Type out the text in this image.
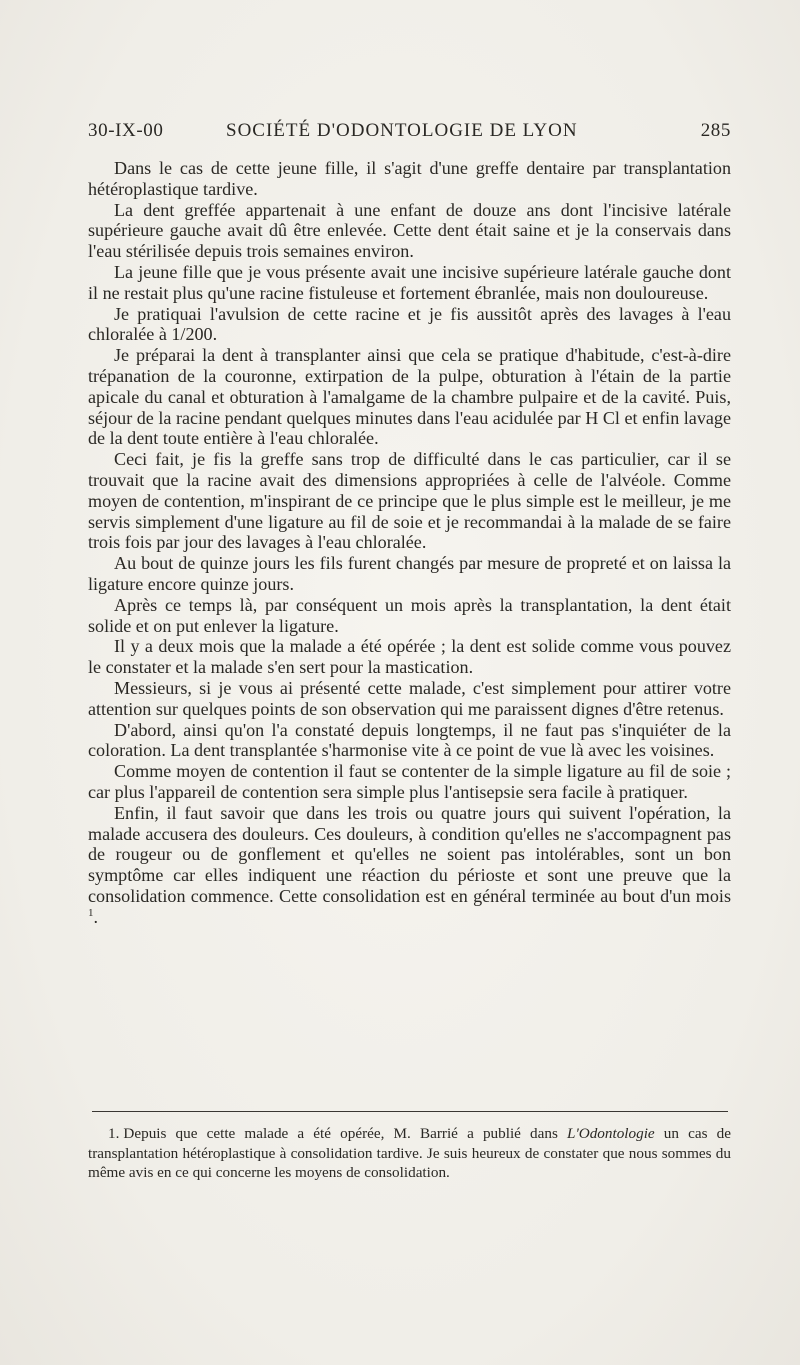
30-IX-00	SOCIÉTÉ D'ODONTOLOGIE DE LYON	285

Dans le cas de cette jeune fille, il s'agit d'une greffe dentaire par transplantation hétéroplastique tardive.

La dent greffée appartenait à une enfant de douze ans dont l'incisive latérale supérieure gauche avait dû être enlevée. Cette dent était saine et je la conservais dans l'eau stérilisée depuis trois semaines environ.

La jeune fille que je vous présente avait une incisive supérieure latérale gauche dont il ne restait plus qu'une racine fistuleuse et fortement ébranlée, mais non douloureuse.

Je pratiquai l'avulsion de cette racine et je fis aussitôt après des lavages à l'eau chloralée à 1/200.

Je préparai la dent à transplanter ainsi que cela se pratique d'habitude, c'est-à-dire trépanation de la couronne, extirpation de la pulpe, obturation à l'étain de la partie apicale du canal et obturation à l'amalgame de la chambre pulpaire et de la cavité. Puis, séjour de la racine pendant quelques minutes dans l'eau acidulée par H Cl et enfin lavage de la dent toute entière à l'eau chloralée.

Ceci fait, je fis la greffe sans trop de difficulté dans le cas particulier, car il se trouvait que la racine avait des dimensions appropriées à celle de l'alvéole. Comme moyen de contention, m'inspirant de ce principe que le plus simple est le meilleur, je me servis simplement d'une ligature au fil de soie et je recommandai à la malade de se faire trois fois par jour des lavages à l'eau chloralée.

Au bout de quinze jours les fils furent changés par mesure de propreté et on laissa la ligature encore quinze jours.

Après ce temps là, par conséquent un mois après la transplantation, la dent était solide et on put enlever la ligature.

Il y a deux mois que la malade a été opérée ; la dent est solide comme vous pouvez le constater et la malade s'en sert pour la mastication.

Messieurs, si je vous ai présenté cette malade, c'est simplement pour attirer votre attention sur quelques points de son observation qui me paraissent dignes d'être retenus.

D'abord, ainsi qu'on l'a constaté depuis longtemps, il ne faut pas s'inquiéter de la coloration. La dent transplantée s'harmonise vite à ce point de vue là avec les voisines.

Comme moyen de contention il faut se contenter de la simple ligature au fil de soie ; car plus l'appareil de contention sera simple plus l'antisepsie sera facile à pratiquer.

Enfin, il faut savoir que dans les trois ou quatre jours qui suivent l'opération, la malade accusera des douleurs. Ces douleurs, à condition qu'elles ne s'accompagnent pas de rougeur ou de gonflement et qu'elles ne soient pas intolérables, sont un bon symptôme car elles indiquent une réaction du périoste et sont une preuve que la consolidation commence. Cette consolidation est en général terminée au bout d'un mois $^1$.

1. Depuis que cette malade a été opérée, M. Barrié a publié dans L'Odontologie un cas de transplantation hétéroplastique à consolidation tardive. Je suis heureux de constater que nous sommes du même avis en ce qui concerne les moyens de consolidation.
